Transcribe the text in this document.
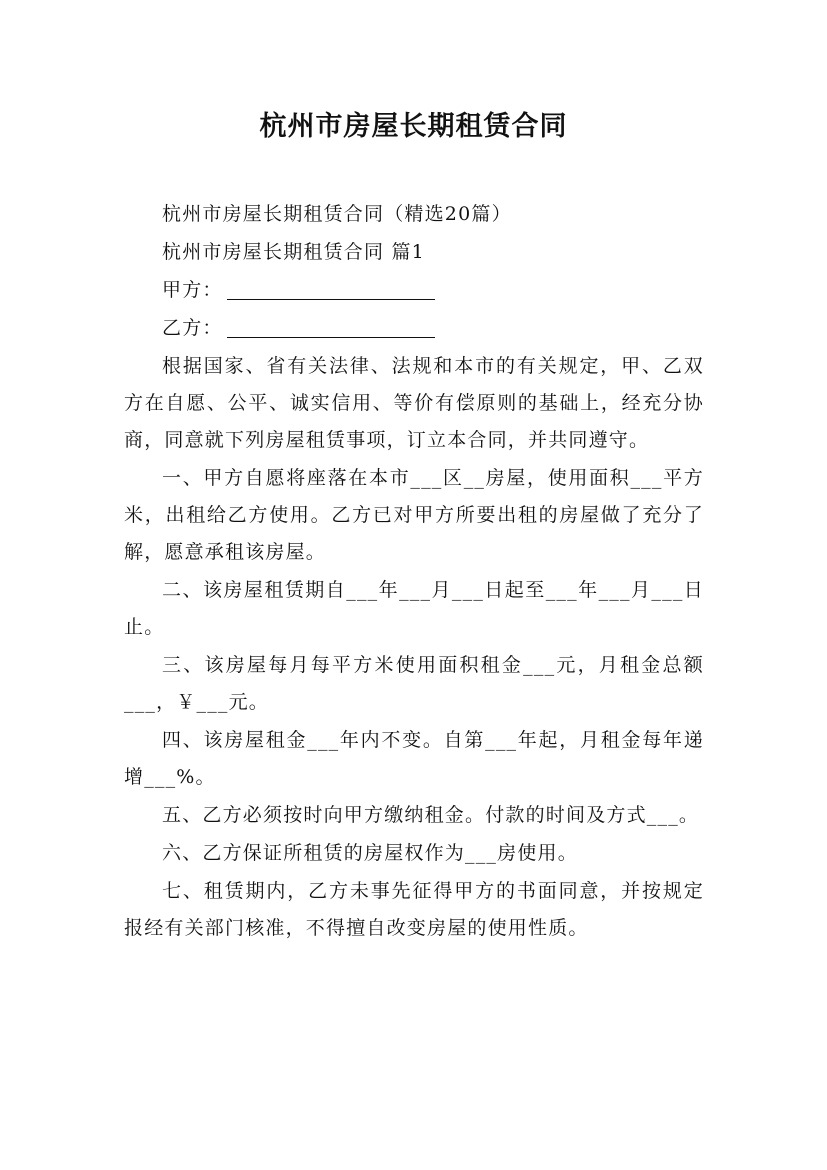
杭州市房屋长期租赁合同
杭州市房屋长期租赁合同（精选20篇）
杭州市房屋长期租赁合同 篇1
甲方：
乙方：
根据国家、省有关法律、法规和本市的有关规定，甲、乙双方在自愿、公平、诚实信用、等价有偿原则的基础上，经充分协商，同意就下列房屋租赁事项，订立本合同，并共同遵守。
一、甲方自愿将座落在本市___区__房屋，使用面积___平方米，出租给乙方使用。乙方已对甲方所要出租的房屋做了充分了解，愿意承租该房屋。
二、该房屋租赁期自___年___月___日起至___年___月___日止。
三、该房屋每月每平方米使用面积租金___元，月租金总额___，￥___元。
四、该房屋租金___年内不变。自第___年起，月租金每年递增___%。
五、乙方必须按时向甲方缴纳租金。付款的时间及方式___。
六、乙方保证所租赁的房屋权作为___房使用。
七、租赁期内，乙方未事先征得甲方的书面同意，并按规定报经有关部门核准，不得擅自改变房屋的使用性质。
